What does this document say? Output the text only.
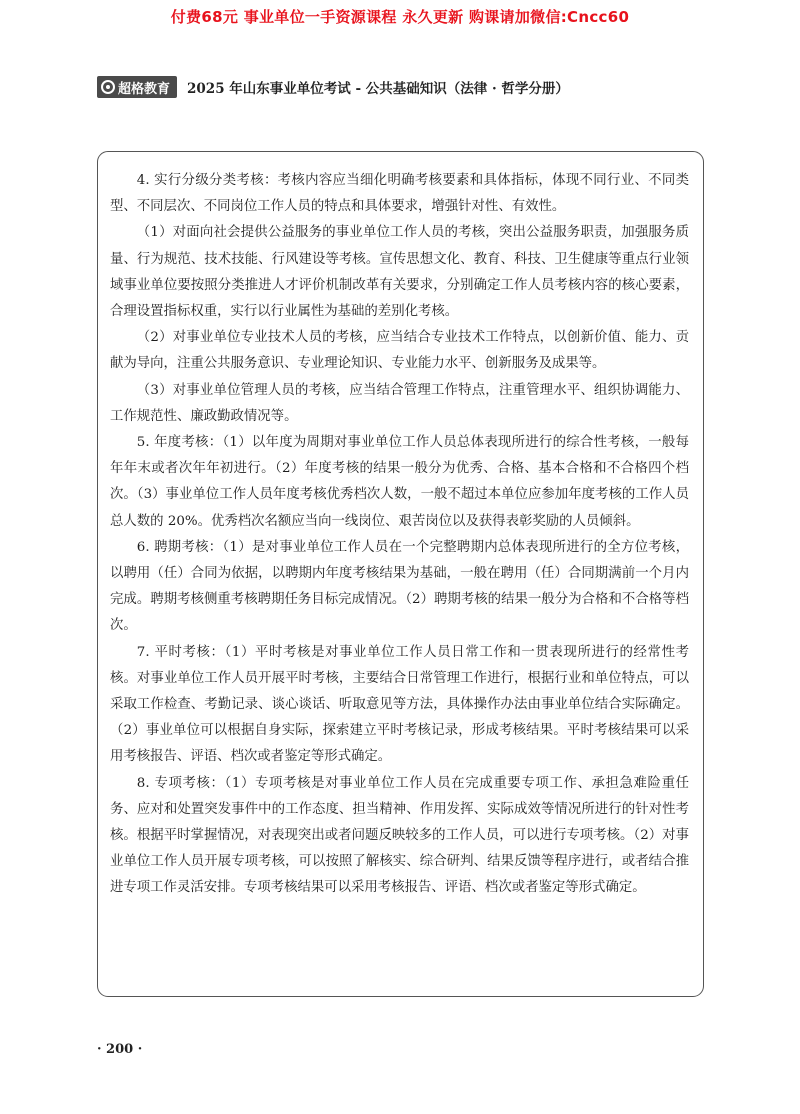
付费68元 事业单位一手资源课程 永久更新 购课请加微信:Cncc60
超格教育 2025 年山东事业单位考试 - 公共基础知识（法律 · 哲学分册）

4. 实行分级分类考核：考核内容应当细化明确考核要素和具体指标，体现不同行业、不同类型、不同层次、不同岗位工作人员的特点和具体要求，增强针对性、有效性。

（1）对面向社会提供公益服务的事业单位工作人员的考核，突出公益服务职责，加强服务质量、行为规范、技术技能、行风建设等考核。宣传思想文化、教育、科技、卫生健康等重点行业领域事业单位要按照分类推进人才评价机制改革有关要求，分别确定工作人员考核内容的核心要素，合理设置指标权重，实行以行业属性为基础的差别化考核。

（2）对事业单位专业技术人员的考核，应当结合专业技术工作特点，以创新价值、能力、贡献为导向，注重公共服务意识、专业理论知识、专业能力水平、创新服务及成果等。

（3）对事业单位管理人员的考核，应当结合管理工作特点，注重管理水平、组织协调能力、工作规范性、廉政勤政情况等。

5. 年度考核：（1）以年度为周期对事业单位工作人员总体表现所进行的综合性考核，一般每年年末或者次年年初进行。（2）年度考核的结果一般分为优秀、合格、基本合格和不合格四个档次。（3）事业单位工作人员年度考核优秀档次人数，一般不超过本单位应参加年度考核的工作人员总人数的 20%。优秀档次名额应当向一线岗位、艰苦岗位以及获得表彰奖励的人员倾斜。

6. 聘期考核：（1）是对事业单位工作人员在一个完整聘期内总体表现所进行的全方位考核，以聘用（任）合同为依据，以聘期内年度考核结果为基础，一般在聘用（任）合同期满前一个月内完成。聘期考核侧重考核聘期任务目标完成情况。（2）聘期考核的结果一般分为合格和不合格等档次。

7. 平时考核：（1）平时考核是对事业单位工作人员日常工作和一贯表现所进行的经常性考核。对事业单位工作人员开展平时考核，主要结合日常管理工作进行，根据行业和单位特点，可以采取工作检查、考勤记录、谈心谈话、听取意见等方法，具体操作办法由事业单位结合实际确定。（2）事业单位可以根据自身实际，探索建立平时考核记录，形成考核结果。平时考核结果可以采用考核报告、评语、档次或者鉴定等形式确定。

8. 专项考核：（1）专项考核是对事业单位工作人员在完成重要专项工作、承担急难险重任务、应对和处置突发事件中的工作态度、担当精神、作用发挥、实际成效等情况所进行的针对性考核。根据平时掌握情况，对表现突出或者问题反映较多的工作人员，可以进行专项考核。（2）对事业单位工作人员开展专项考核，可以按照了解核实、综合研判、结果反馈等程序进行，或者结合推进专项工作灵活安排。专项考核结果可以采用考核报告、评语、档次或者鉴定等形式确定。

· 200 ·
